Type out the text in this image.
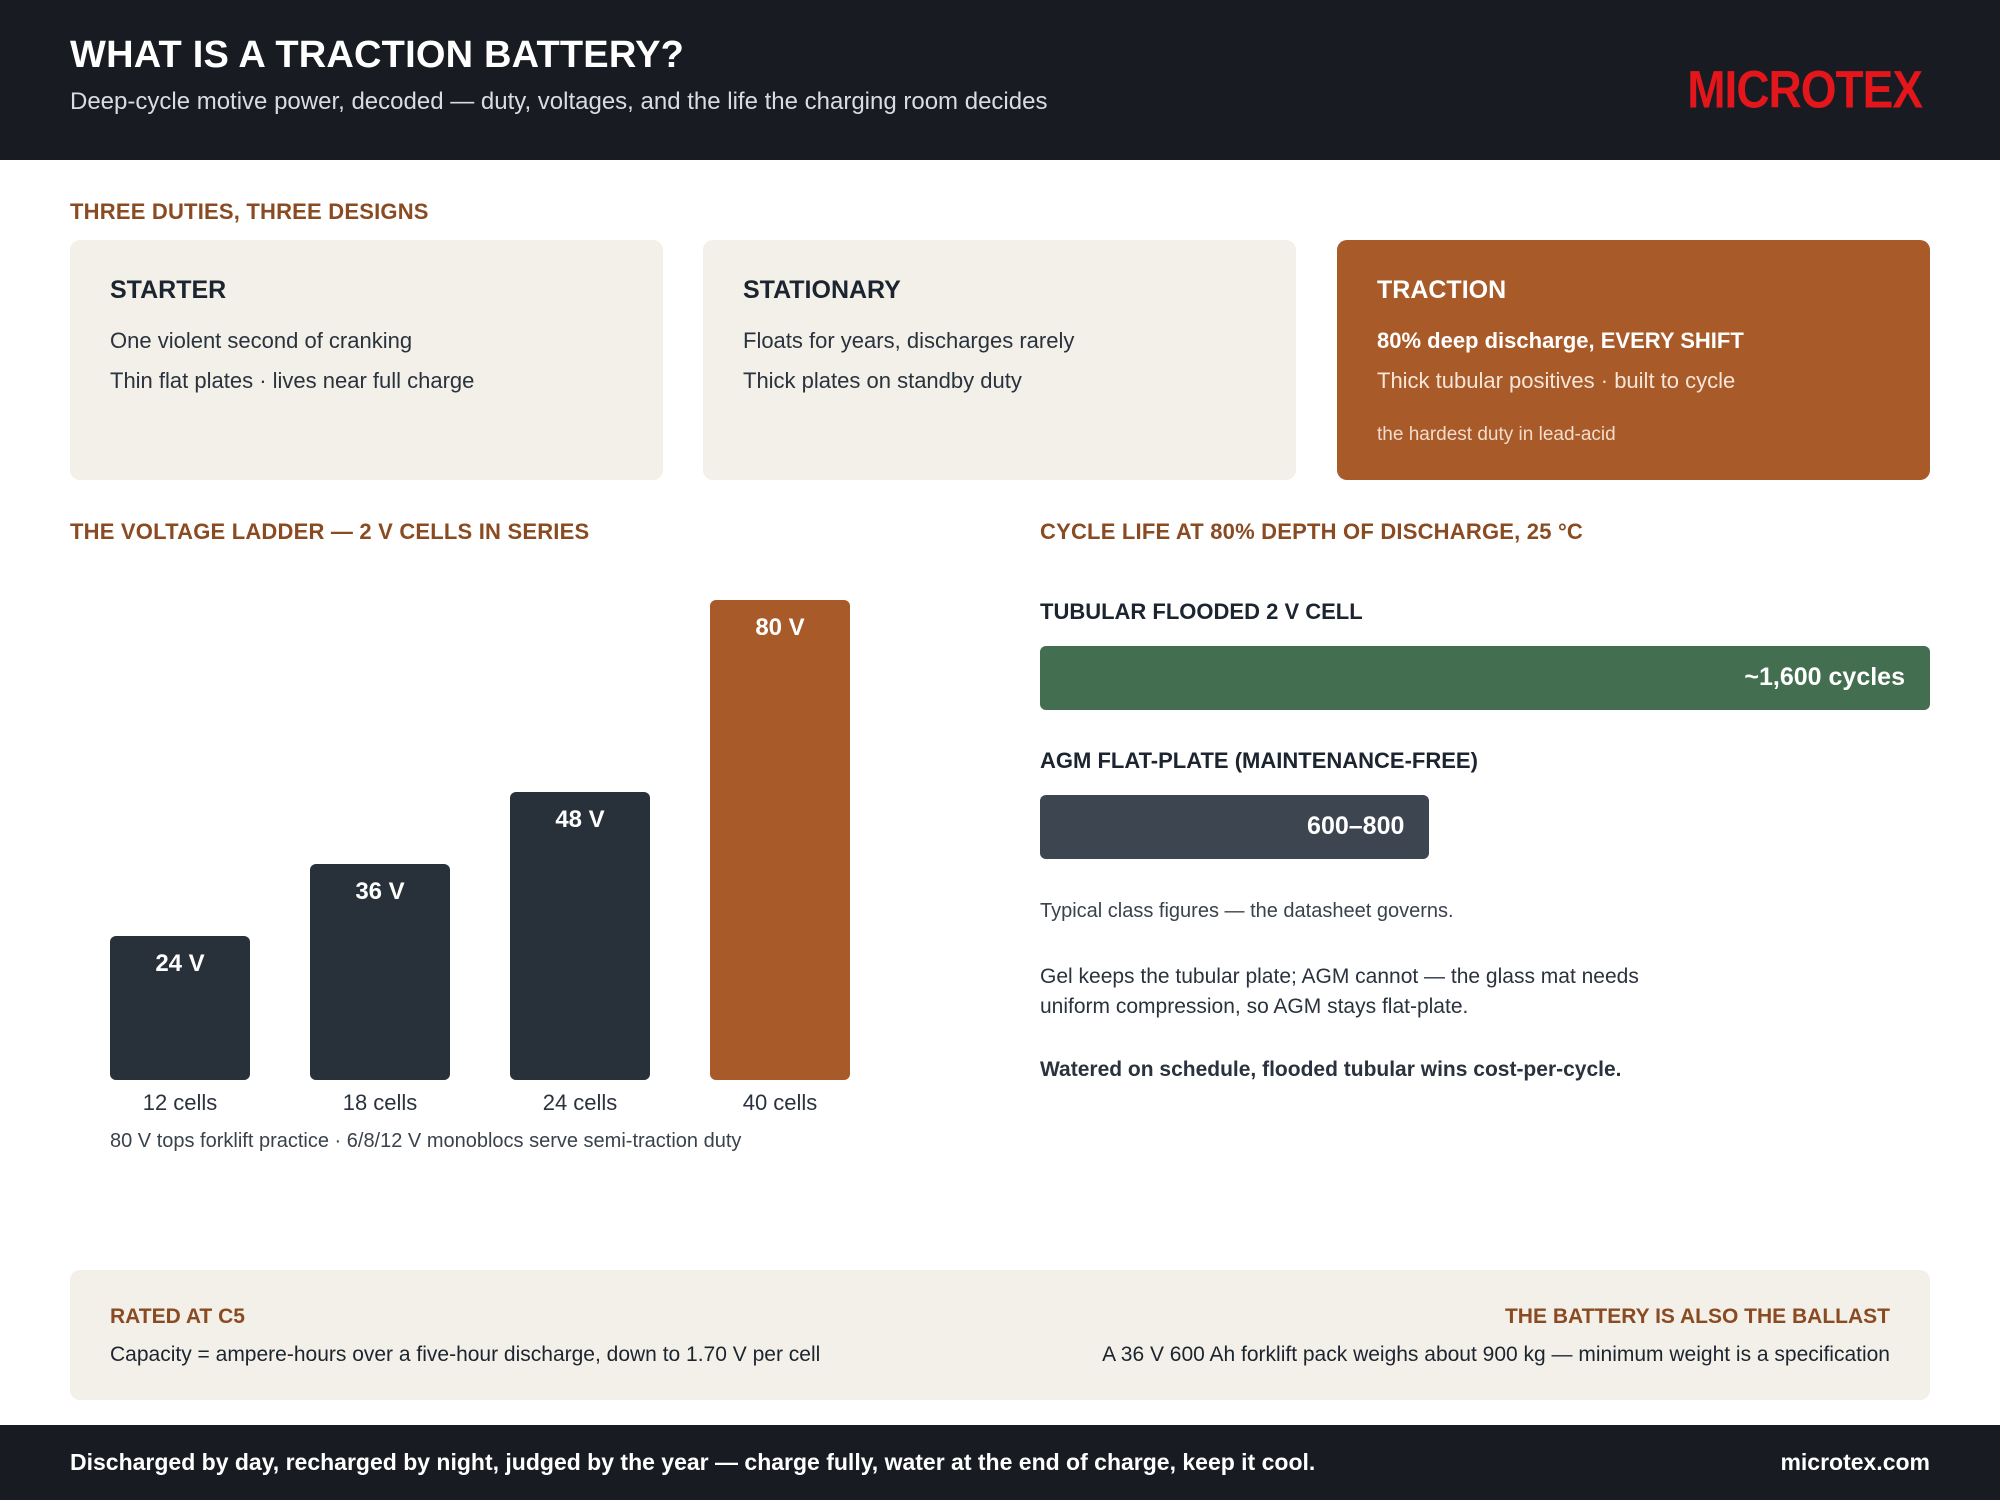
WHAT IS A TRACTION BATTERY?
Deep-cycle motive power, decoded — duty, voltages, and the life the charging room decides	MICROTEX
THREE DUTIES, THREE DESIGNS
STARTER
One violent second of cranking
Thin flat plates · lives near full charge
STATIONARY
Floats for years, discharges rarely
Thick plates on standby duty
TRACTION
80% deep discharge, EVERY SHIFT
Thick tubular positives · built to cycle
the hardest duty in lead-acid
THE VOLTAGE LADDER — 2 V CELLS IN SERIES
24 V
36 V
48 V
80 V
12 cells	18 cells	24 cells	40 cells
80 V tops forklift practice · 6/8/12 V monoblocs serve semi-traction duty
CYCLE LIFE AT 80% DEPTH OF DISCHARGE, 25 °C
TUBULAR FLOODED 2 V CELL
~1,600 cycles
AGM FLAT-PLATE (MAINTENANCE-FREE)
600–800
Typical class figures — the datasheet governs.
Gel keeps the tubular plate; AGM cannot — the glass mat needs uniform compression, so AGM stays flat-plate.
Watered on schedule, flooded tubular wins cost-per-cycle.
RATED AT C5
Capacity = ampere-hours over a five-hour discharge, down to 1.70 V per cell
THE BATTERY IS ALSO THE BALLAST
A 36 V 600 Ah forklift pack weighs about 900 kg — minimum weight is a specification
Discharged by day, recharged by night, judged by the year — charge fully, water at the end of charge, keep it cool.	microtex.com
